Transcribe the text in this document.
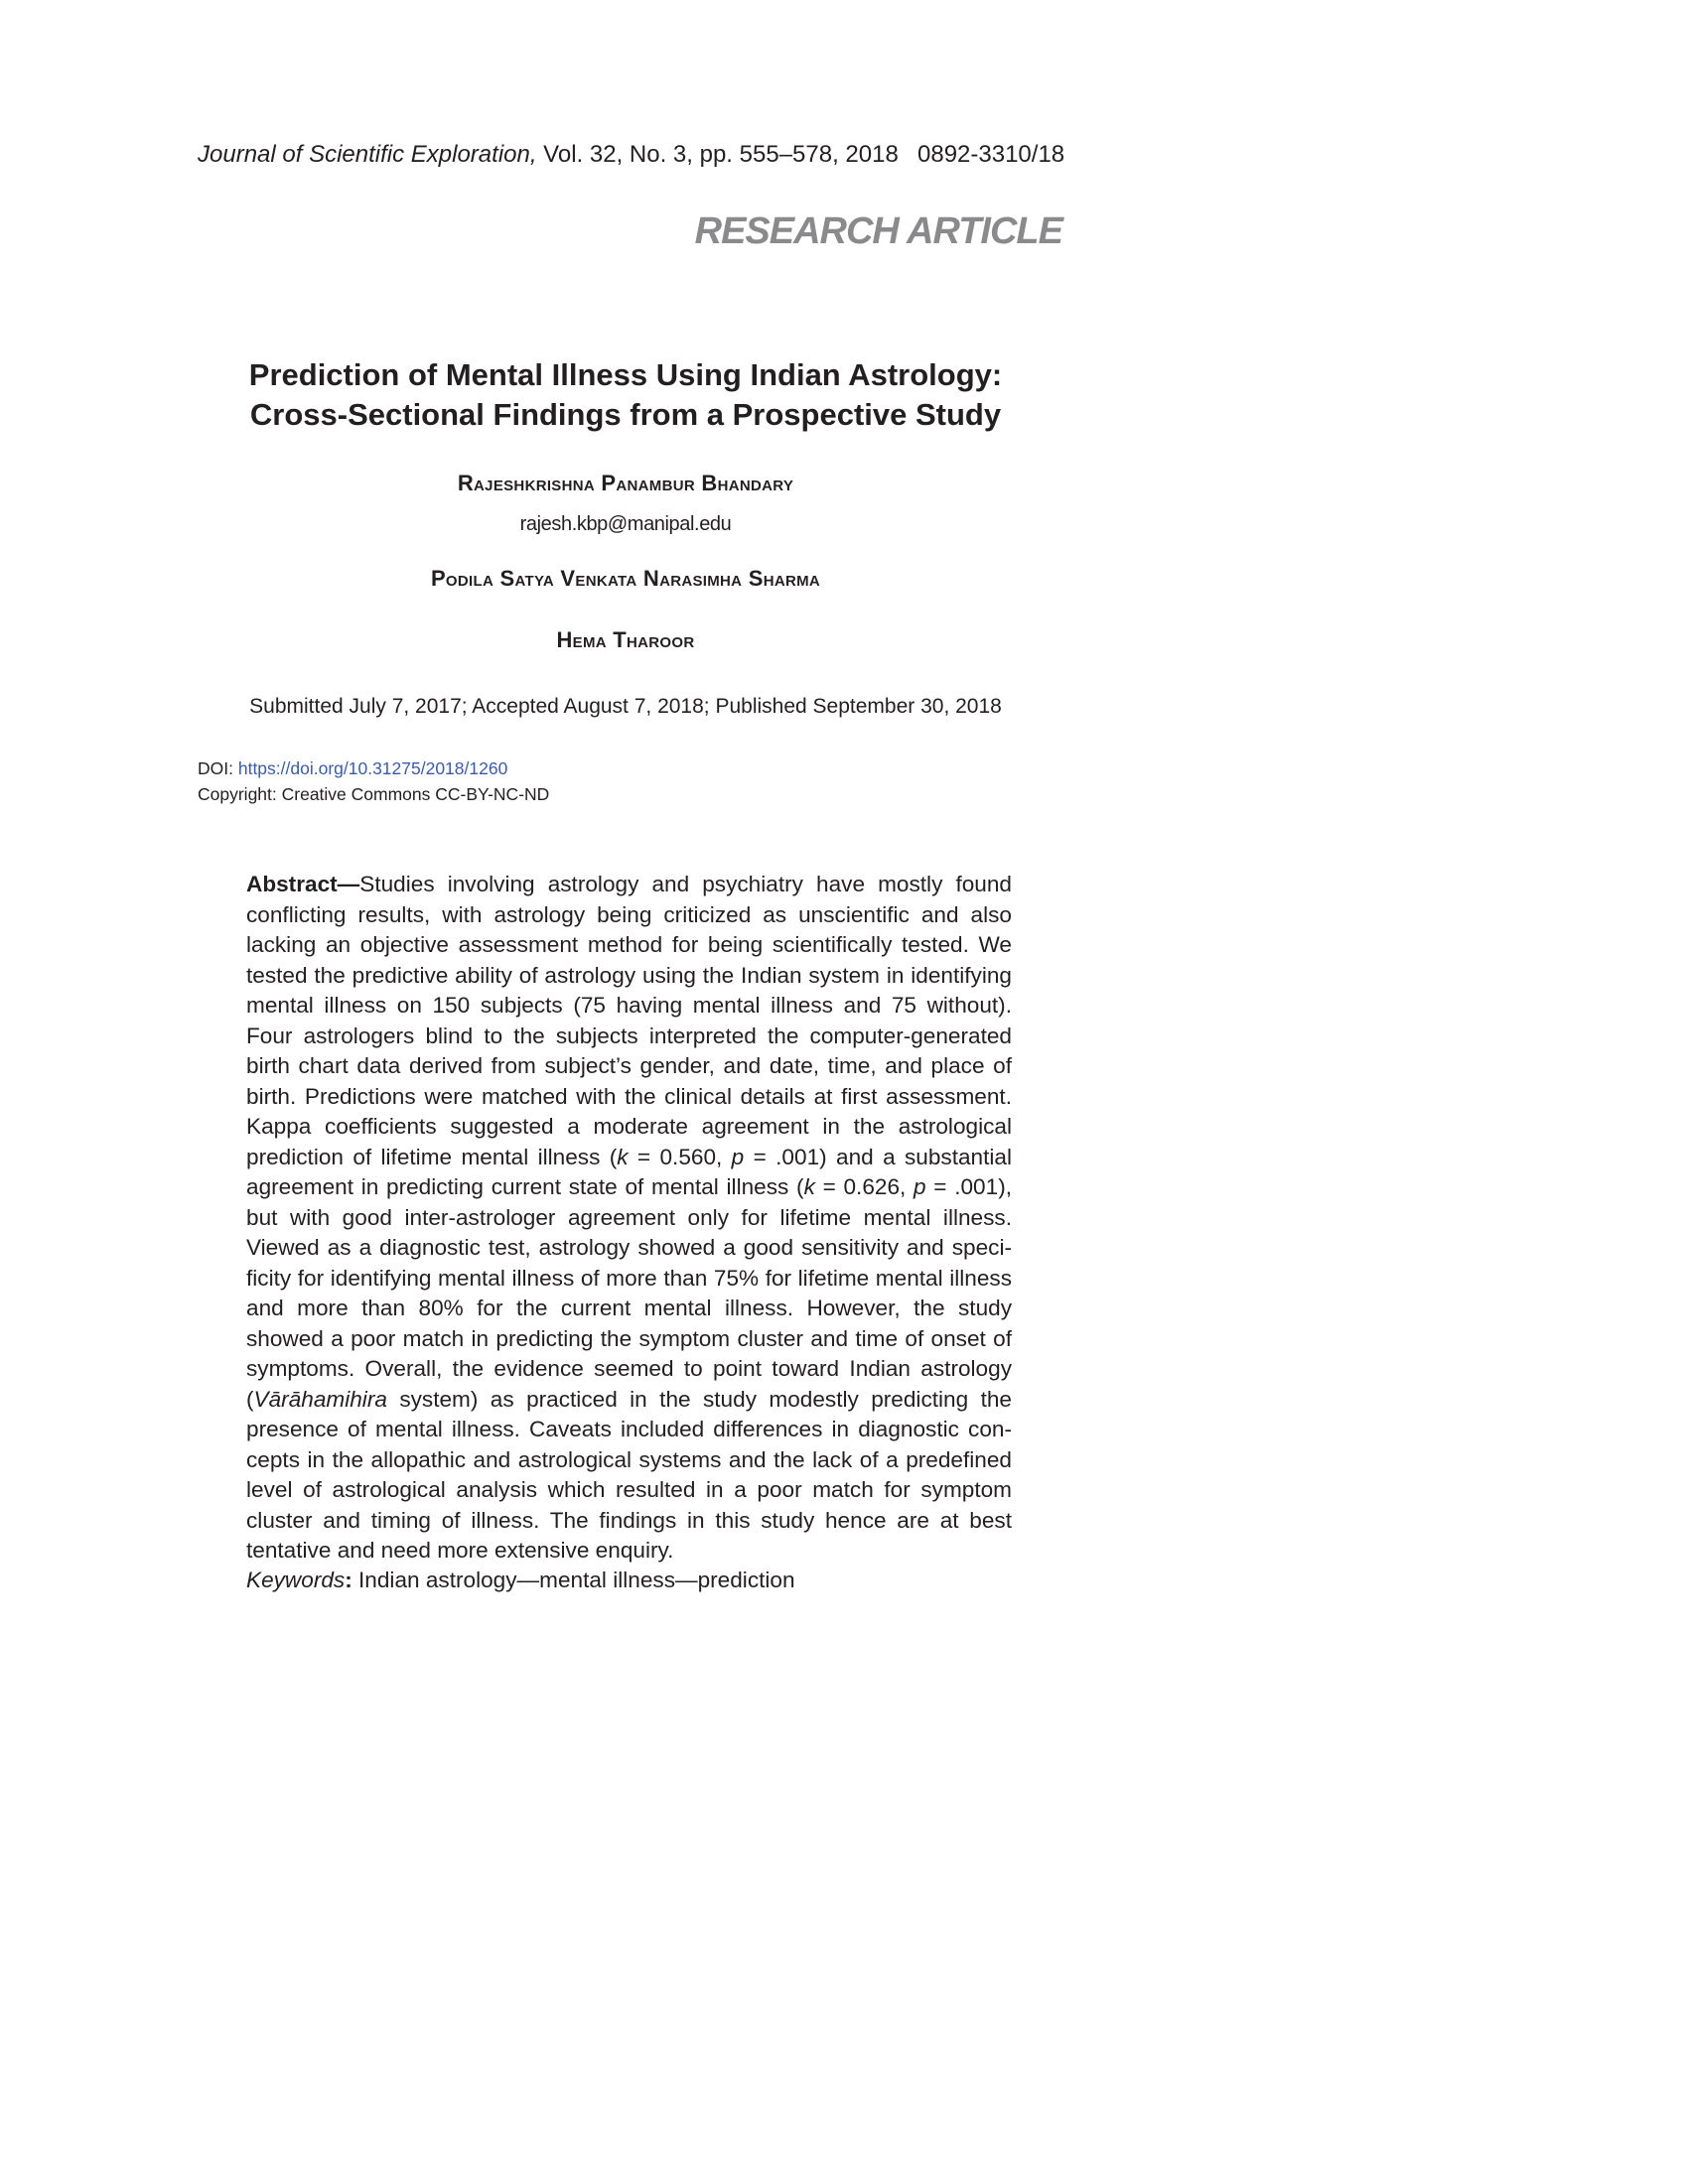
Journal of Scientific Exploration, Vol. 32, No. 3, pp. 555–578, 2018 0892-3310/18
RESEARCH ARTICLE
Prediction of Mental Illness Using Indian Astrology:
Cross-Sectional Findings from a Prospective Study
Rajeshkrishna Panambur Bhandary
rajesh.kbp@manipal.edu
Podila Satya Venkata Narasimha Sharma
Hema Tharoor
Submitted July 7, 2017; Accepted August 7, 2018; Published September 30, 2018
DOI: https://doi.org/10.31275/2018/1260
Copyright: Creative Commons CC-BY-NC-ND
Abstract—Studies involving astrology and psychiatry have mostly found conflicting results, with astrology being criticized as unscientific and also lacking an objective assessment method for being scientifically tested. We tested the predictive ability of astrology using the Indian system in identifying mental illness on 150 subjects (75 having mental illness and 75 without). Four astrologers blind to the subjects interpreted the computer-generated birth chart data derived from subject’s gender, and date, time, and place of birth. Predictions were matched with the clinical details at first assessment. Kappa coefficients suggested a moderate agreement in the astrological prediction of lifetime mental illness (k = 0.560, p = .001) and a substantial agreement in predicting current state of mental illness (k = 0.626, p = .001), but with good inter-astrologer agreement only for lifetime mental illness. Viewed as a diagnostic test, astrology showed a good sensitivity and specificity for identifying mental illness of more than 75% for lifetime mental illness and more than 80% for the current mental illness. However, the study showed a poor match in predicting the symptom cluster and time of onset of symptoms. Overall, the evidence seemed to point toward Indian astrology (Vārāhamihira system) as practiced in the study modestly predicting the presence of mental illness. Caveats included differences in diagnostic concepts in the allopathic and astrological systems and the lack of a predefined level of astrological analysis which resulted in a poor match for symptom cluster and timing of illness. The findings in this study hence are at best tentative and need more extensive enquiry.
Keywords: Indian astrology—mental illness—prediction
